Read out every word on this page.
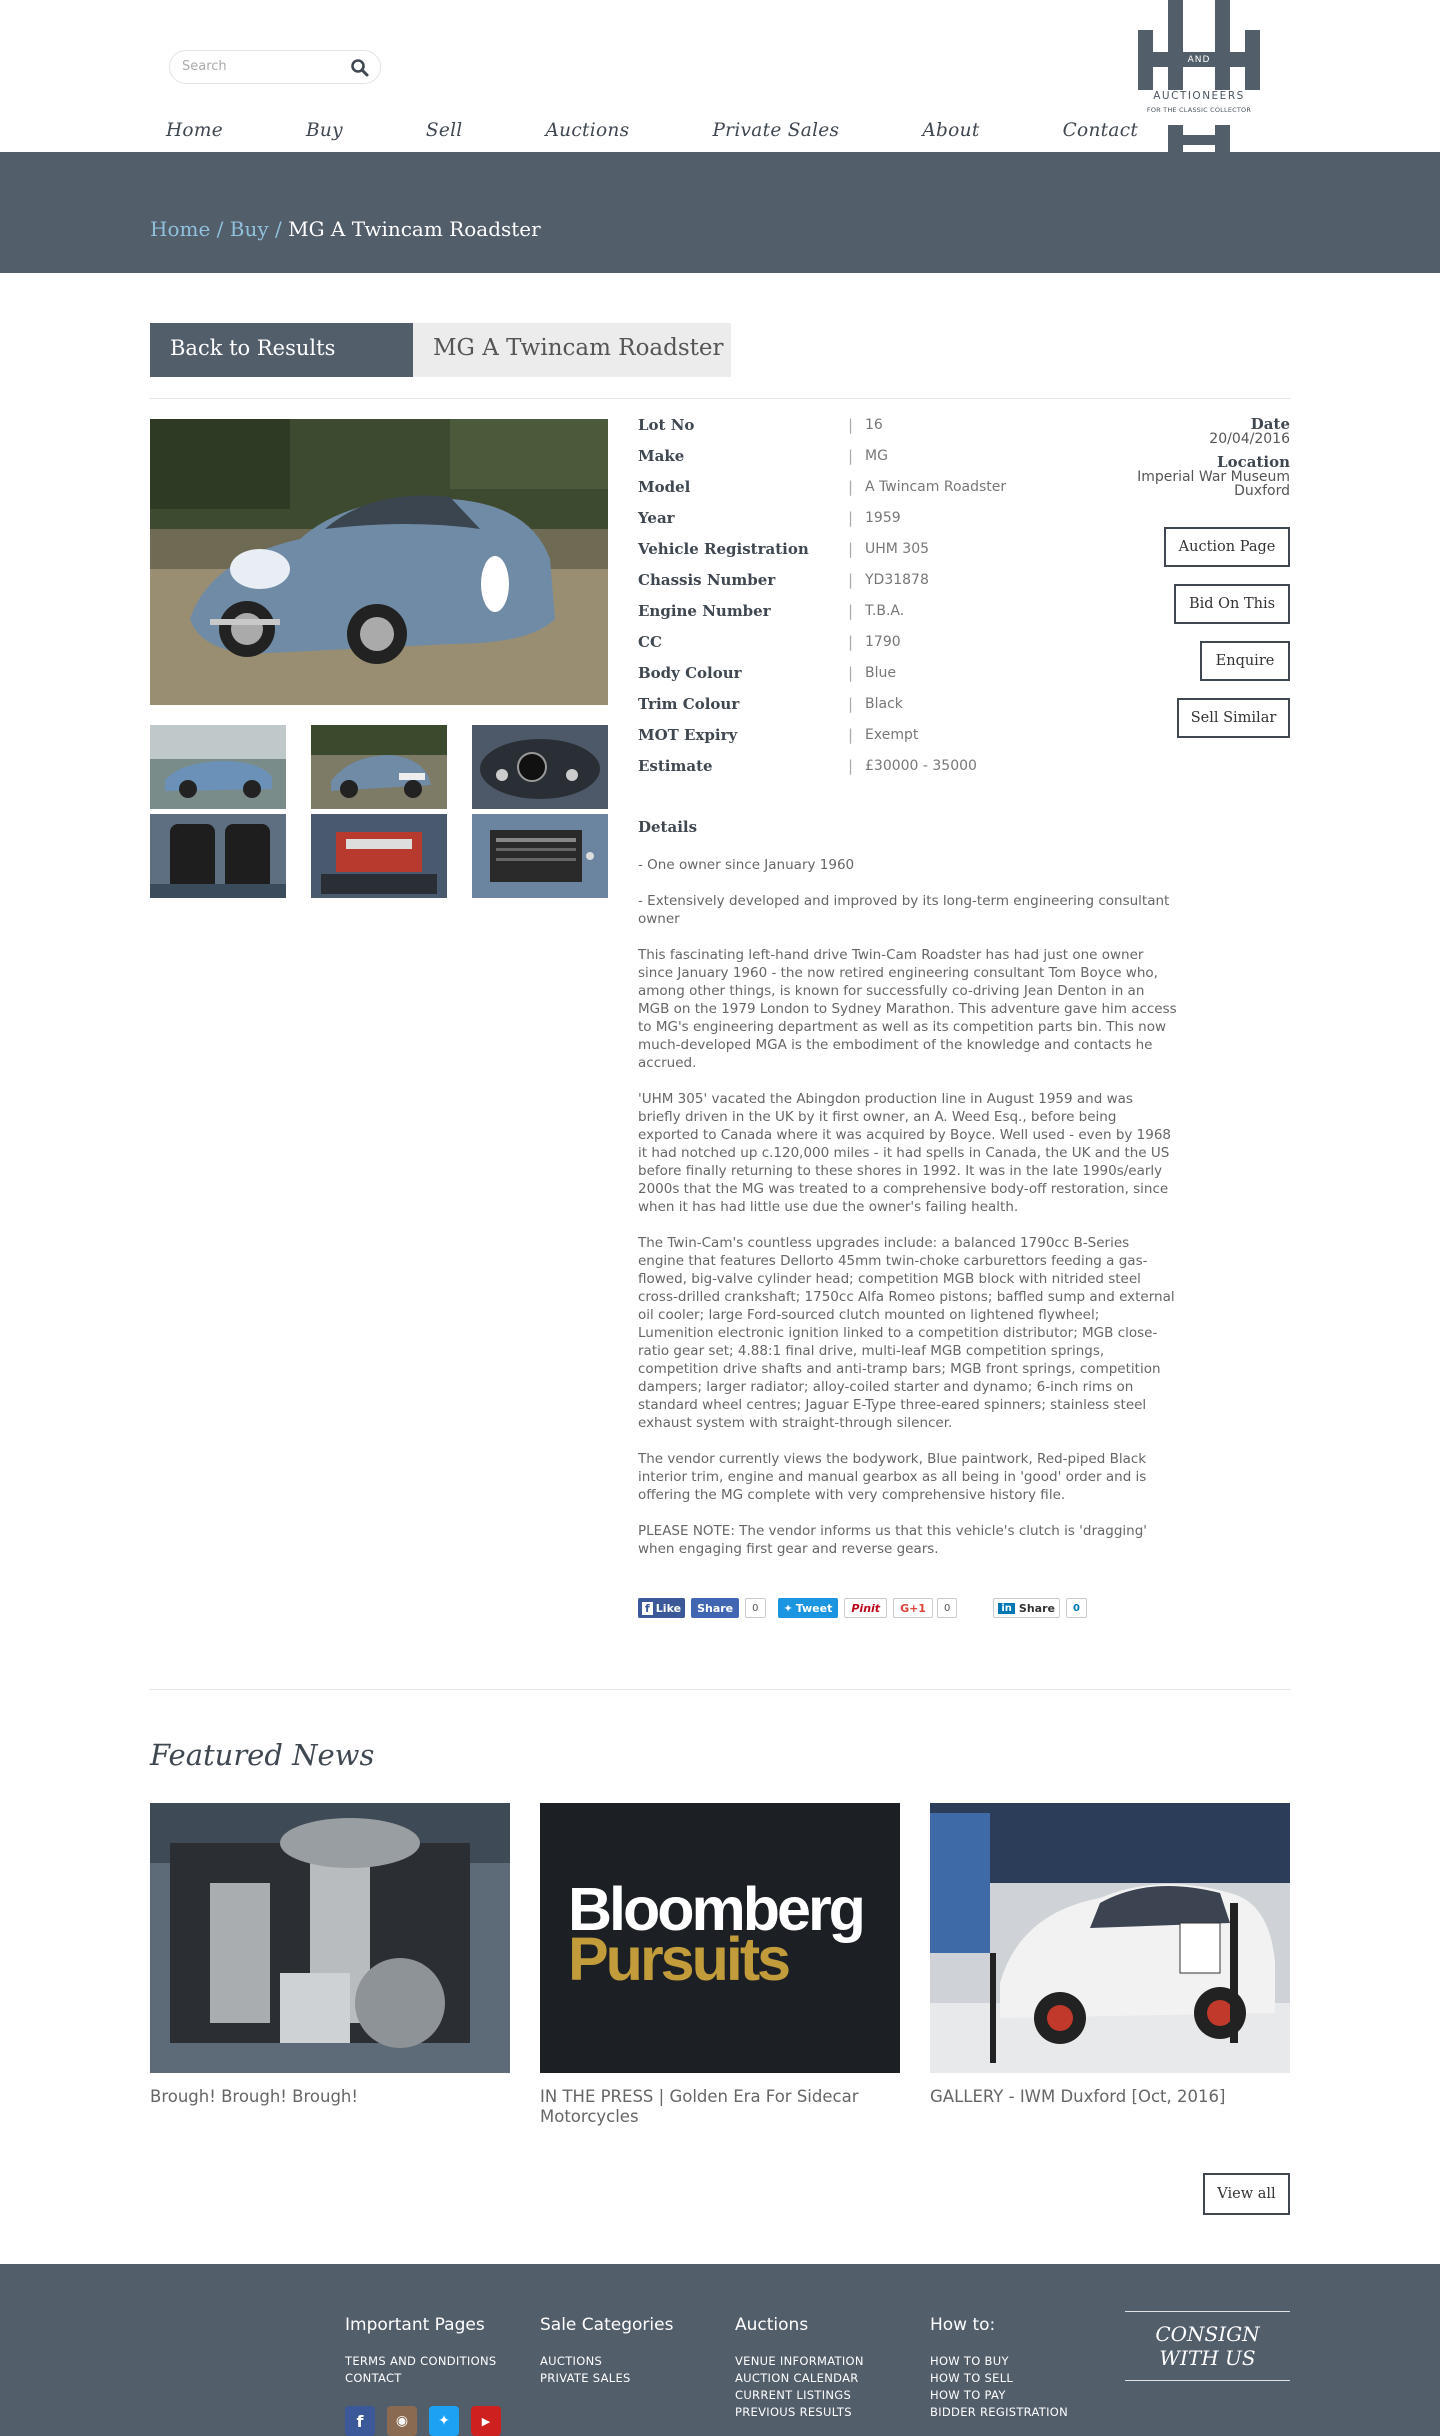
Search
AND
AUCTIONEERS
FOR THE CLASSIC COLLECTOR
Home	Buy	Sell	Auctions	Private Sales	About	Contact
Home / Buy / MG A Twincam Roadster
Back to Results	MG A Twincam Roadster
Lot No	| 16
Make	| MG
Model	| A Twincam Roadster
Year	| 1959
Vehicle Registration	| UHM 305
Chassis Number	| YD31878
Engine Number	| T.B.A.
CC	| 1790
Body Colour	| Blue
Trim Colour	| Black
MOT Expiry	| Exempt
Estimate	| £30000 - 35000
Date
20/04/2016
Location
Imperial War Museum
Duxford
Auction Page
Bid On This
Enquire
Sell Similar
Details

- One owner since January 1960

- Extensively developed and improved by its long-term engineering consultant owner

This fascinating left-hand drive Twin-Cam Roadster has had just one owner since January 1960 - the now retired engineering consultant Tom Boyce who, among other things, is known for successfully co-driving Jean Denton in an MGB on the 1979 London to Sydney Marathon. This adventure gave him access to MG's engineering department as well as its competition parts bin. This now much-developed MGA is the embodiment of the knowledge and contacts he accrued.

'UHM 305' vacated the Abingdon production line in August 1959 and was briefly driven in the UK by it first owner, an A. Weed Esq., before being exported to Canada where it was acquired by Boyce. Well used - even by 1968 it had notched up c.120,000 miles - it had spells in Canada, the UK and the US before finally returning to these shores in 1992. It was in the late 1990s/early 2000s that the MG was treated to a comprehensive body-off restoration, since when it has had little use due the owner's failing health.

The Twin-Cam's countless upgrades include: a balanced 1790cc B-Series engine that features Dellorto 45mm twin-choke carburettors feeding a gas-flowed, big-valve cylinder head; competition MGB block with nitrided steel cross-drilled crankshaft; 1750cc Alfa Romeo pistons; baffled sump and external oil cooler; large Ford-sourced clutch mounted on lightened flywheel; Lumenition electronic ignition linked to a competition distributor; MGB close-ratio gear set; 4.88:1 final drive, multi-leaf MGB competition springs, competition drive shafts and anti-tramp bars; MGB front springs, competition dampers; larger radiator; alloy-coiled starter and dynamo; 6-inch rims on standard wheel centres; Jaguar E-Type three-eared spinners; stainless steel exhaust system with straight-through silencer.

The vendor currently views the bodywork, Blue paintwork, Red-piped Black interior trim, engine and manual gearbox as all being in 'good' order and is offering the MG complete with very comprehensive history file.

PLEASE NOTE: The vendor informs us that this vehicle's clutch is 'dragging' when engaging first gear and reverse gears.

f Like	Share	0	✦ Tweet	Pinit	G+1	0	in Share	0
Featured News
Brough! Brough! Brough!
Bloomberg
Pursuits
IN THE PRESS | Golden Era For Sidecar Motorcycles
GALLERY - IWM Duxford [Oct, 2016]
View all
Important Pages
TERMS AND CONDITIONS
CONTACT
Sale Categories
AUCTIONS
PRIVATE SALES
Auctions
VENUE INFORMATION
AUCTION CALENDAR
CURRENT LISTINGS
PREVIOUS RESULTS
How to:
HOW TO BUY
HOW TO SELL
HOW TO PAY
BIDDER REGISTRATION
CONSIGN
WITH US
f	◉	✦	▶
